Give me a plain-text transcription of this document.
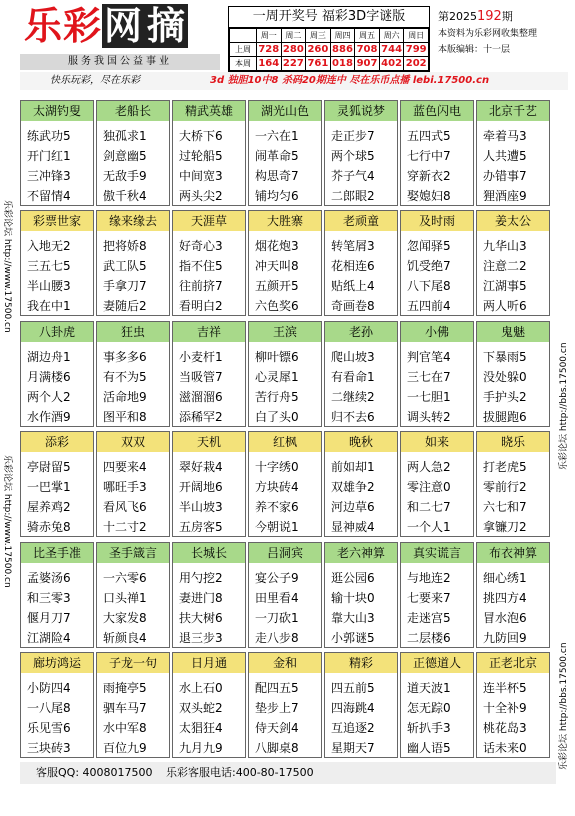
乐彩网 摘
服务我国公益事业
一周开奖号 福彩3D字谜版
	周一	周二	周三	周四	周五	周六	周日
上周	728	280	260	886	708	744	799
本周	164	227	761	018	907	402	202
第2025192期
本资料为乐彩网收集整理
本版编辑：十一层
快乐玩彩，尽在乐彩	3d 独胆10中8 杀码20期连中 尽在乐币点播 lebi.17500.cn
乐彩论坛 http://www.17500.cn
乐彩论坛 http://www.17500.cn
乐彩论坛 http://bbs.17500.cn
乐彩论坛 http://bbs.17500.cn
太湖钓叟
练武功5
开门红1
三冲锋3
不留情4
老船长
独孤求1
剑意幽5
无敌手9
傲千秋4
精武英雄
大桥下6
过轮船5
中间宽3
两头尖2
湖光山色
一六在1
闹革命5
构思奇7
铺均匀6
灵狐说梦
走正步7
两个球5
芥子气4
二郎眼2
蓝色闪电
五四式5
七行中7
穿新衣2
娶媳妇8
北京千艺
牵着马3
人共遭5
办错事7
狸酒座9
彩票世家
入地无2
三五七5
半山腰3
我在中1
缘来缘去
把将娇8
武工队5
手拿刀7
妻随后2
天涯草
好奇心3
指不住5
往前挤7
看明白2
大胜寨
烟花炮3
冲天叫8
五颜开5
六色奖6
老顽童
转笔屑3
花相连6
贴纸上4
奇画卷8
及时雨
忽闻驿5
饥受绝7
八下尾8
五四前4
姜太公
九华山3
注意二2
江湖事5
两人听6
八卦虎
湖边舟1
月满楼6
两个人2
水作酒9
狂虫
事多多6
有不为5
活命地9
图平和8
吉祥
小麦杆1
当吸管7
滋溜溜6
添稀罕2
王滨
柳叶镖6
心灵犀1
苦行舟5
白了头0
老孙
爬山坡3
有看命1
二继续2
归不去6
小佛
判官笔4
三七在7
一七胆1
调头转2
鬼魅
下暴雨5
没处躲0
手护头2
拔腿跑6
添彩
亭尉留5
一巴掌1
屋养鸡2
骑赤兔8
双双
四要来4
哪旺手3
看风飞6
十二寸2
天机
翠好栽4
开阔地6
半山坡3
五房客5
红枫
十字绣0
方块砖4
养不家6
今朝说1
晚秋
前如却1
双雄争2
河边草6
显神威4
如来
两人急2
零注意0
和二七7
一个人1
晓乐
打老虎5
零前行2
六七和7
拿镰刀2
比圣手准
孟婆汤6
和三零3
偃月刀7
江湖险4
圣手箴言
一六零6
口头禅1
大家发8
斩颜良4
长城长
用勺挖2
妻进门8
扶大树6
退三步3
吕洞宾
宴公子9
田里看4
一刀砍1
走八步8
老六神算
逛公园6
输十块0
靠大山3
小郭谜5
真实谎言
与地连2
七要来7
走迷宫5
二层楼6
布衣神算
细心绣1
挑四方4
冒水泡6
九防回9
廊坊鸿运
小防四4
一八尾8
乐见雪6
三块砖3
子龙一句
雨掩亭5
驷车马7
水中军8
百位九9
日月通
水上石0
双头蛇2
太猖狂4
九月九9
金和
配四五5
垫步上7
侍天剑4
八脚桌8
精彩
四五前5
四海跳4
互追逐2
星期天7
正德道人
道天波1
怎无踪0
斩扒手3
幽人语5
正老北京
连半杯5
十全补9
桃花岛3
话未来0
客服QQ: 4008017500 乐彩客服电话:400-80-17500
